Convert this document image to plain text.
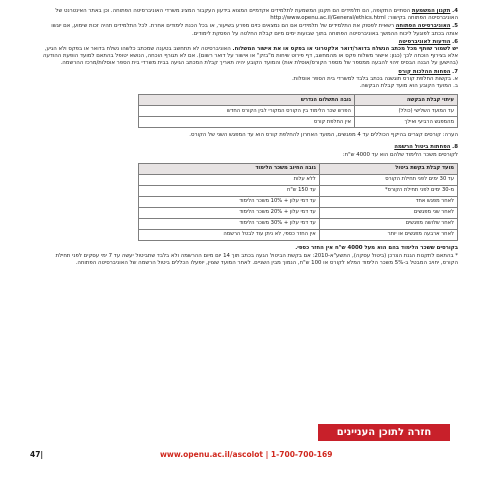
4. תקנון המשמעת הסתיים התקופה, הם תלמידים הם תקנון המשמעת לתלמידים אקדמיים המצוא בידעון העקבור המציג משרדי האוניברסיטה הפתוחה. וכן באתר האינטרנט של האוניברסיטה הפתוחה בקישור: http://www.openu.ac.il/General/ethics.html

5. האוניברסיטה הפתוחה רשאית לפסוק את התלמידים של תלמידים אם הם נמצאים כזים מפרע בשיעור, או בכל הכנת לימודים אחרת. לכל התלמידים תהיה זכות שימוע, אם יוגשו אותה בכתב לפוגעל ליכוח ההמשך באוניברסיטה הפתוחה בתוך שבועות ימים מיום קבלת החלטה על הפסקת לימודים.

6. הודעות לאוניברסיטה
יש לשמור שותף מכל מכתב הנשלח בדואר/דואר אלקטרוני או בפקס או את אישור המשלוח. האוניברסיטה לא תתחשב בטענה שמכתב כלשהו נשלח בדואר או בפקס ולא הגיע, אלא בצירוף הוכחה לכך (כגון: אישור משלוח פקס או מהמחשב, דף פירוט שיחות מ"בזק" או אישור על דואר רשום). אם לא תגורף הוכחה, הנושא יטופל בהתאם למועד הופעת ההודעה (בהישען על הבנה הבסיס זיהוי להבעה ממספר של מספר הקורס/אוסלת אות) והמועד הקובע יהיה תאריך קבלת המכתב הגיעה בבית משרדי בית הספר אוסלות/מרכז ההרשמה.

7. הפחות ההלכות קורס
א. בקשות החלפת קורס תוגשנה בכתב בלבד למשרדי בית הספר אוסלות.
ב. המועד הקובע הוא מועד קבלת הבקשה.

עיתוי קבלת הבקשה	גובה התשלום הנדרש
עד המועד השלישי (כולל)	הפרש שכר הלימוד בין הקורס המקורי לבין הקורס החדש
מהמפגש הרביעי ואילך	אין החלפת קורס

הערה: קורסים קצרים בהיקף הכוללים עד 4 מפגשים, המועד האחרון להחלפת קורס הוא עד המפגש השני של הקורס.

8. הפחתות ביטול הרשמה
לקורסים משכר הלימוד שלהם הוא עד 4000 ש"ח:

מועד קבלת בקשת ביטול	גובה החיוב משכר הלימוד
עד 30 ימים לפני תחילת הקורס	ללא עלות
מ-30 ימים לפני תחילת הקורס*	עד 150 ש"ח
לאחר מפגש אחד	עד דמי עלון + 10% משכר הלימוד
לאחר שני מפגשים	עד דמי עלון + 20% משכר הלימוד
לאחר שלושה מפגשים	עד דמי עלון + 30% משכר הלימוד
לאחר ארבעה מפגשים או יותר	אין החזר כספי, לא ניתן עוד לבטל הרשמה

בקורסים ששכר הלימוד בהם הוא מעל 4000 ש"ח אין החזר כספי.

* בהתאם לתקנות הגנת הצרכן (ביטול עסקה), התשע"א-2010: אם בקשת הביטול הגעה בכתב תוך 14 יום מיום ההרשמה ולא בלבד שתביטול יעשה עד 7 ימי עסקים לפני תחילת הקורס, יחויב המבטל ב-5% משכר הלימוד המלא לקורס או 100 ש"ח, הנמוך מבין השניים. לאחר המועד שצוין, יופעלו הכללים ביטול הרשמה של האוניברסיטה הפתוחה.

חזרה לתוכן העניינים
www.openu.ac.il/ascolot | 1-700-700-169
47|
